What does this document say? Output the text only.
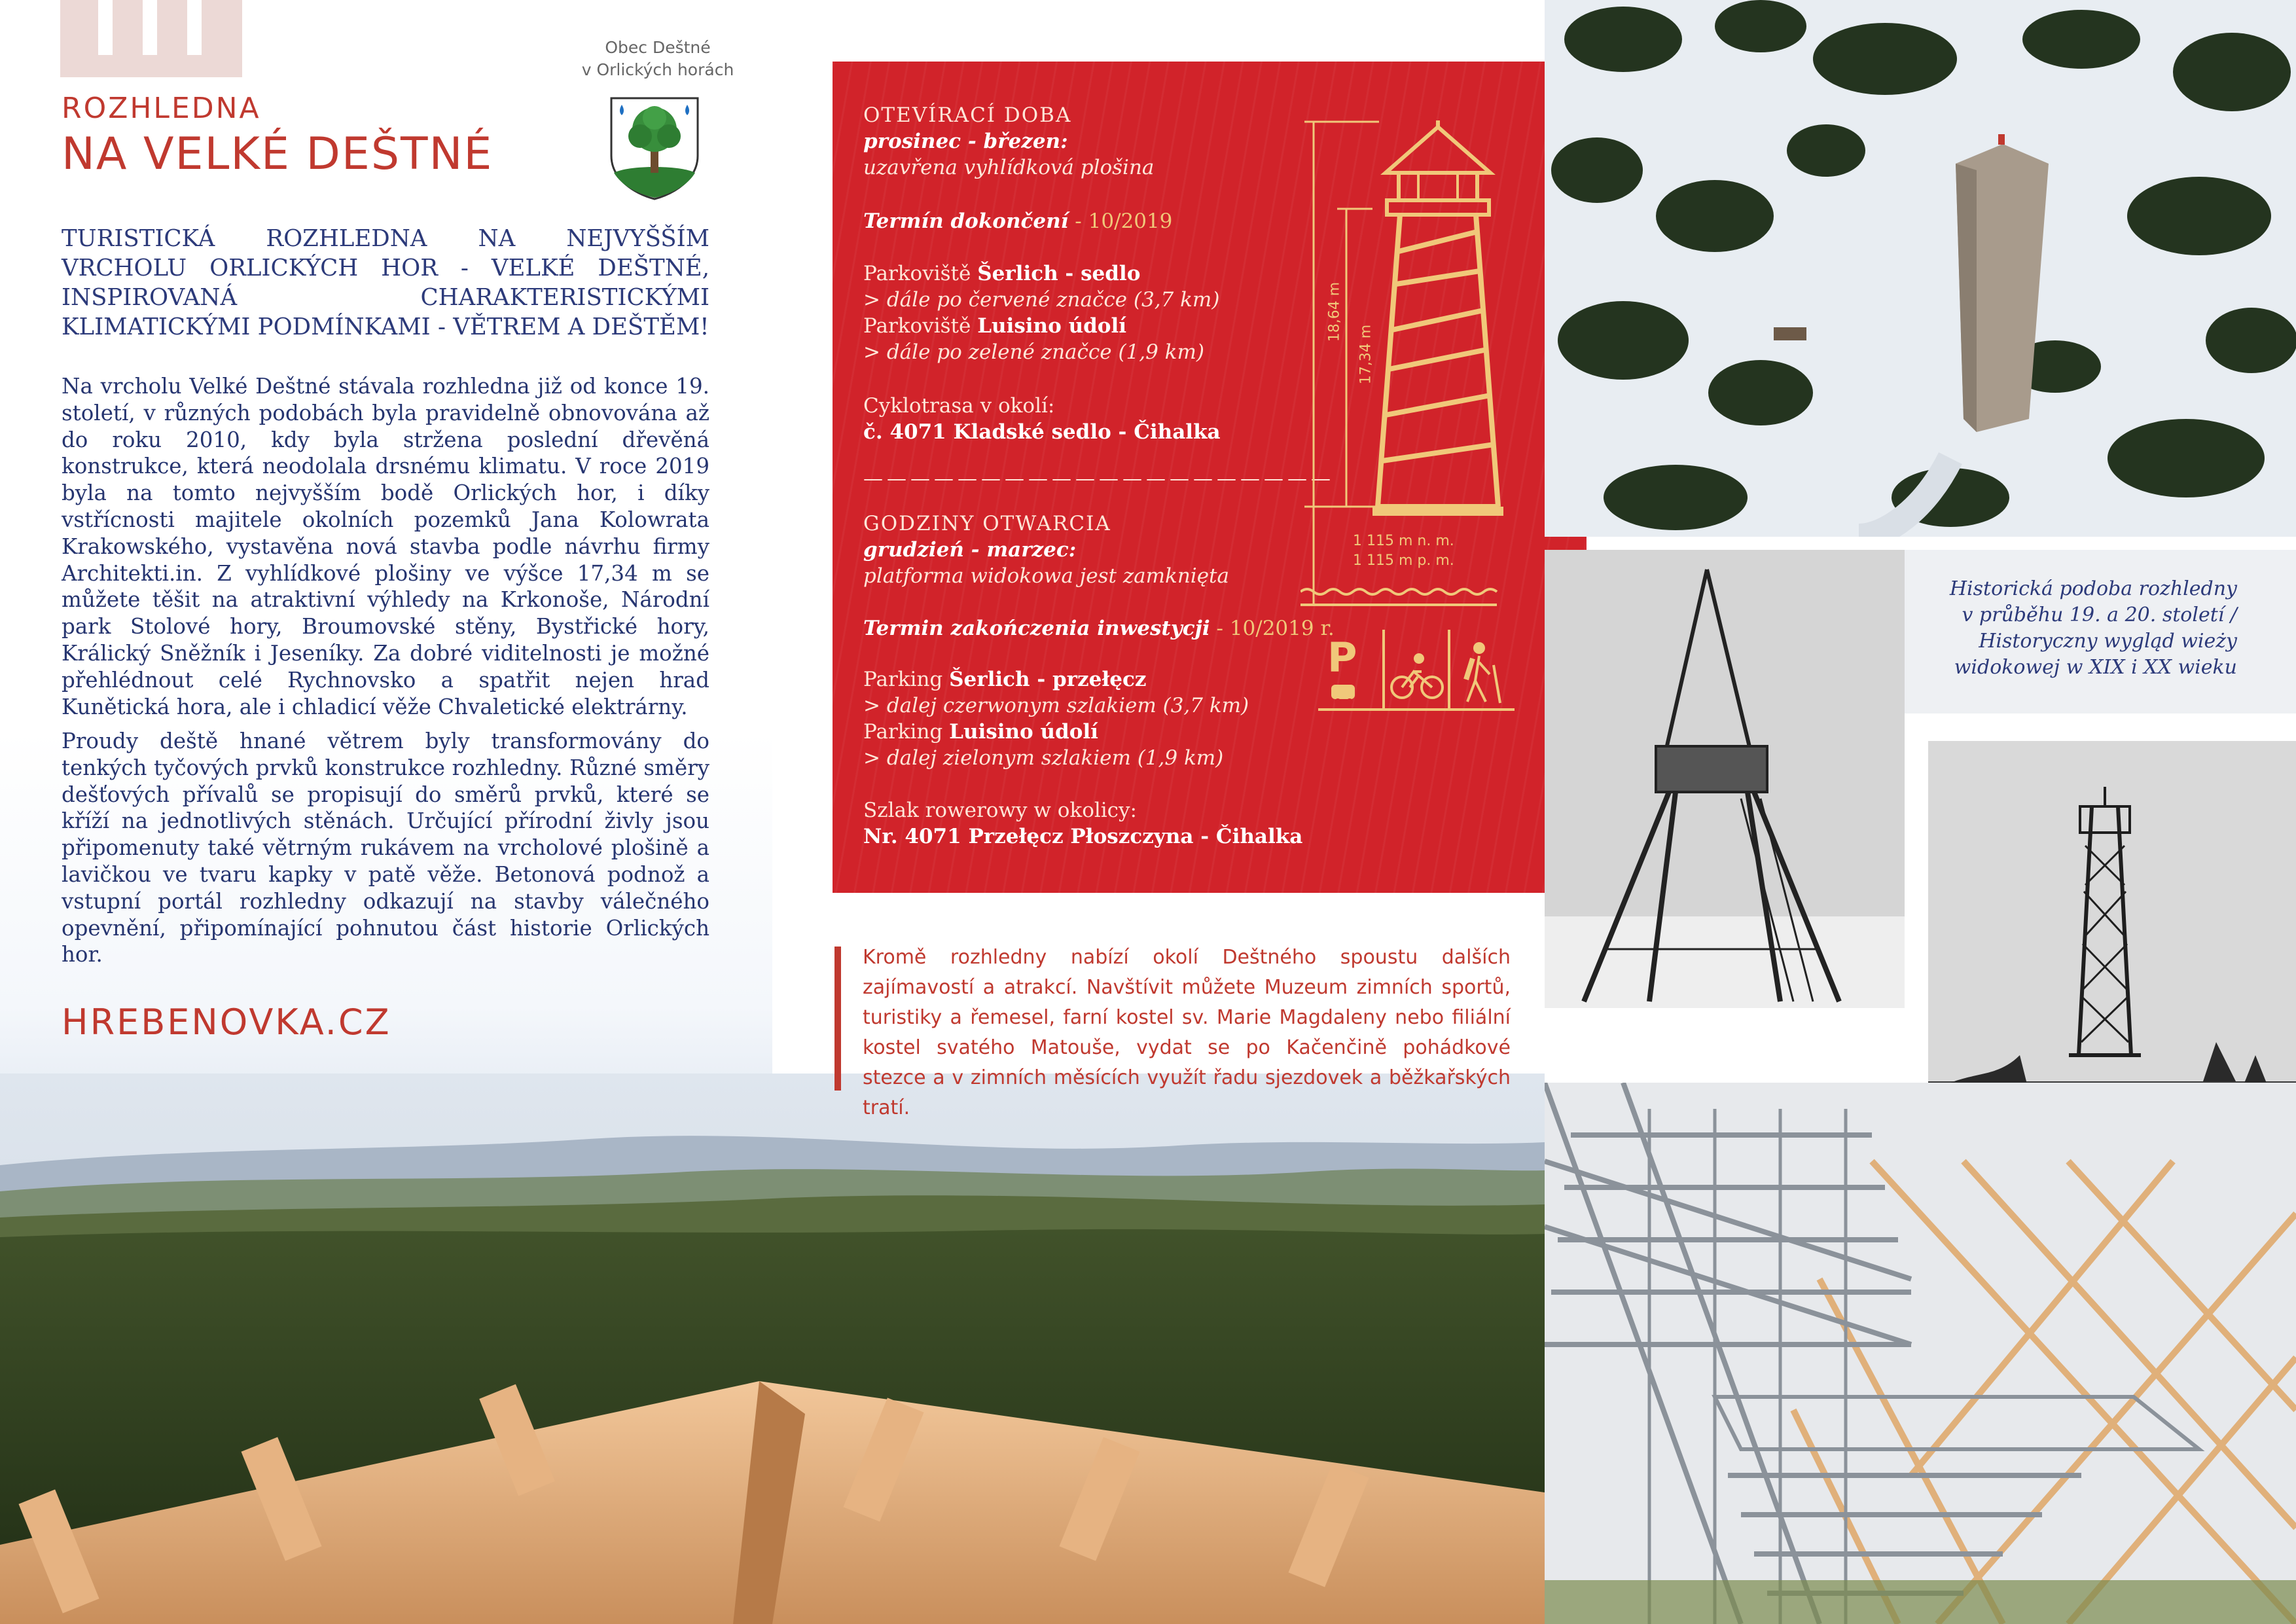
ROZHLEDNA
NA VELKÉ DEŠTNÉ
Obec Deštné
v Orlických horách
TURISTICKÁ ROZHLEDNA NA NEJVYŠŠÍM VRCHOLU ORLICKÝCH HOR - VELKÉ DEŠTNÉ, INSPIROVANÁ CHARAKTERISTICKÝMI KLIMATICKÝMI PODMÍNKAMI - VĚTREM A DEŠTĚM!
Na vrcholu Velké Deštné stávala rozhledna již od konce 19. století, v různých podobách byla pravidelně obnovována až do roku 2010, kdy byla stržena poslední dřevěná konstrukce, která neodolala drsnému klimatu. V roce 2019 byla na tomto nejvyšším bodě Orlických hor, i díky vstřícnosti majitele okolních pozemků Jana Kolowrata Krakowského, vystavěna nová stavba podle návrhu firmy Architekti.in. Z vyhlídkové plošiny ve výšce 17,34 m se můžete těšit na atraktivní výhledy na Krkonoše, Národní park Stolové hory, Broumovské stěny, Bystřické hory, Králický Sněžník i Jeseníky. Za dobré viditelnosti je možné přehlédnout celé Rychnovsko a spatřit nejen hrad Kunětická hora, ale i chladicí věže Chvaletické elektrárny.
Proudy deště hnané větrem byly transformovány do tenkých tyčových prvků konstrukce rozhledny. Různé směry dešťových přívalů se propisují do směrů prvků, které se kříží na jednotlivých stěnách. Určující přírodní živly jsou připomenuty také větrným rukávem na vrcholové plošině a lavičkou ve tvaru kapky v patě věže. Betonová podnož a vstupní portál rozhledny odkazují na stavby válečného opevnění, připomínající pohnutou část historie Orlických hor.
HREBENOVKA.CZ
OTEVÍRACÍ DOBA
prosinec - březen:
uzavřena vyhlídková plošina
Termín dokončení - 10/2019
Parkoviště Šerlich - sedlo
> dále po červené značce (3,7 km)
Parkoviště Luisino údolí
> dále po zelené značce (1,9 km)
Cyklotrasa v okolí:
č. 4071 Kladské sedlo - Čihalka
————————————————————
GODZINY OTWARCIA
grudzień - marzec:
platforma widokowa jest zamknięta
Termin zakończenia inwestycji - 10/2019 r.
Parking Šerlich - przełęcz
> dalej czerwonym szlakiem (3,7 km)
Parking Luisino údolí
> dalej zielonym szlakiem (1,9 km)
Szlak rowerowy w okolicy:
Nr. 4071 Przełęcz Płoszczyna - Čihalka
18,64 m
17,34 m
1 115 m n. m.
1 115 m p. m.
P
Kromě rozhledny nabízí okolí Deštného spoustu dalších zajímavostí a atrakcí. Navštívit můžete Muzeum zimních sportů, turistiky a řemesel, farní kostel sv. Marie Magdaleny nebo filiální kostel svatého Matouše, vydat se po Kačenčině pohádkové stezce a v zimních měsících využít řadu sjezdovek a běžkařských tratí.
Historická podoba rozhledny
v průběhu 19. a 20. století /
Historyczny wygląd wieży
widokowej w XIX i XX wieku
